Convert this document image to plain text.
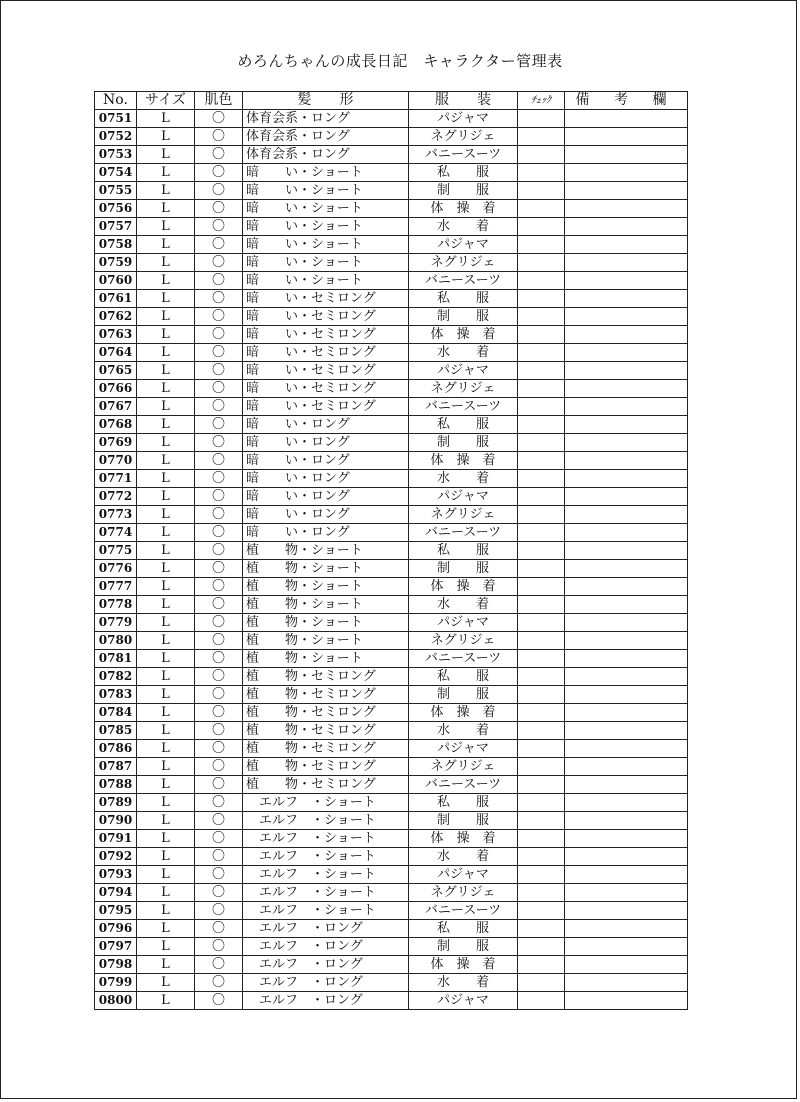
めろんちゃんの成長日記　キャラクター管理表
No.	サイズ	肌色	髪　　形	服　　装	ﾁｪｯｸ	備 考 欄
0751	L	〇	体育会系・ロング	パジャマ		
0752	L	〇	体育会系・ロング	ネグリジェ		
0753	L	〇	体育会系・ロング	バニースーツ		
0754	L	〇	暗　　い・ショート	私　　服		
0755	L	〇	暗　　い・ショート	制　　服		
0756	L	〇	暗　　い・ショート	体　操　着		
0757	L	〇	暗　　い・ショート	水　　着		
0758	L	〇	暗　　い・ショート	パジャマ		
0759	L	〇	暗　　い・ショート	ネグリジェ		
0760	L	〇	暗　　い・ショート	バニースーツ		
0761	L	〇	暗　　い・セミロング	私　　服		
0762	L	〇	暗　　い・セミロング	制　　服		
0763	L	〇	暗　　い・セミロング	体　操　着		
0764	L	〇	暗　　い・セミロング	水　　着		
0765	L	〇	暗　　い・セミロング	パジャマ		
0766	L	〇	暗　　い・セミロング	ネグリジェ		
0767	L	〇	暗　　い・セミロング	バニースーツ		
0768	L	〇	暗　　い・ロング	私　　服		
0769	L	〇	暗　　い・ロング	制　　服		
0770	L	〇	暗　　い・ロング	体　操　着		
0771	L	〇	暗　　い・ロング	水　　着		
0772	L	〇	暗　　い・ロング	パジャマ		
0773	L	〇	暗　　い・ロング	ネグリジェ		
0774	L	〇	暗　　い・ロング	バニースーツ		
0775	L	〇	植　　物・ショート	私　　服		
0776	L	〇	植　　物・ショート	制　　服		
0777	L	〇	植　　物・ショート	体　操　着		
0778	L	〇	植　　物・ショート	水　　着		
0779	L	〇	植　　物・ショート	パジャマ		
0780	L	〇	植　　物・ショート	ネグリジェ		
0781	L	〇	植　　物・ショート	バニースーツ		
0782	L	〇	植　　物・セミロング	私　　服		
0783	L	〇	植　　物・セミロング	制　　服		
0784	L	〇	植　　物・セミロング	体　操　着		
0785	L	〇	植　　物・セミロング	水　　着		
0786	L	〇	植　　物・セミロング	パジャマ		
0787	L	〇	植　　物・セミロング	ネグリジェ		
0788	L	〇	植　　物・セミロング	バニースーツ		
0789	L	〇	　エルフ　・ショート	私　　服		
0790	L	〇	　エルフ　・ショート	制　　服		
0791	L	〇	　エルフ　・ショート	体　操　着		
0792	L	〇	　エルフ　・ショート	水　　着		
0793	L	〇	　エルフ　・ショート	パジャマ		
0794	L	〇	　エルフ　・ショート	ネグリジェ		
0795	L	〇	　エルフ　・ショート	バニースーツ		
0796	L	〇	　エルフ　・ロング	私　　服		
0797	L	〇	　エルフ　・ロング	制　　服		
0798	L	〇	　エルフ　・ロング	体　操　着		
0799	L	〇	　エルフ　・ロング	水　　着		
0800	L	〇	　エルフ　・ロング	パジャマ		
